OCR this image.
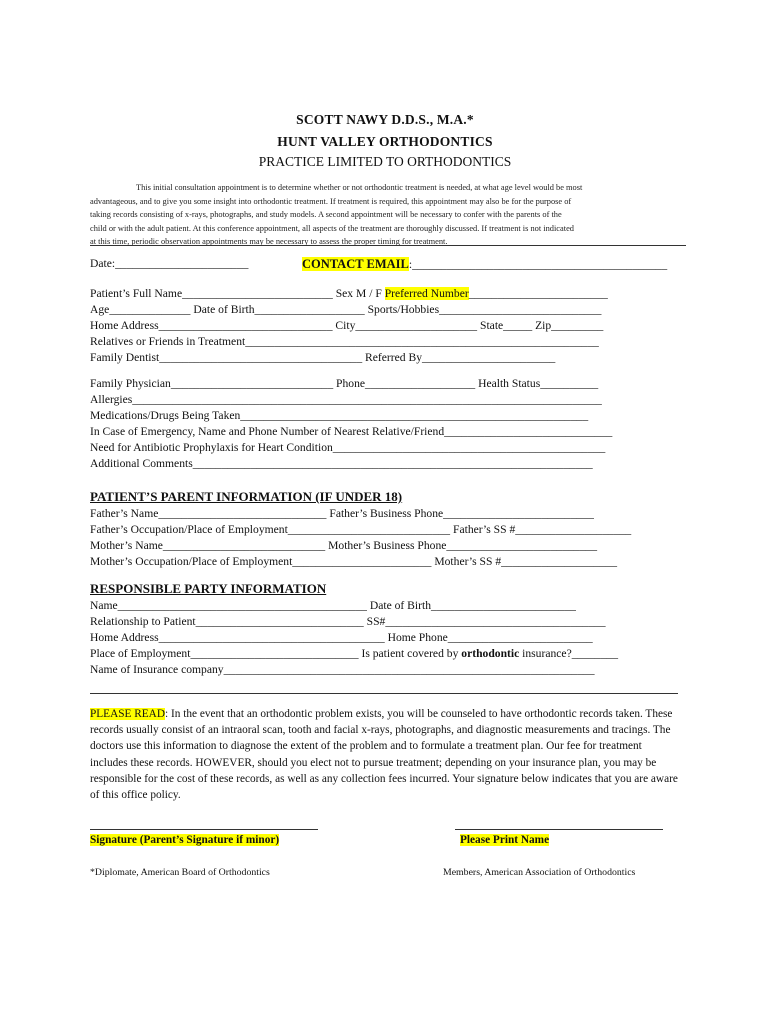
SCOTT NAWY D.D.S., M.A.*
HUNT VALLEY ORTHODONTICS
PRACTICE LIMITED TO ORTHODONTICS
This initial consultation appointment is to determine whether or not orthodontic treatment is needed, at what age level would be most
advantageous, and to give you some insight into orthodontic treatment. If treatment is required, this appointment may also be for the purpose of
taking records consisting of x-rays, photographs, and study models. A second appointment will be necessary to confer with the parents of the
child or with the adult patient. At this conference appointment, all aspects of the treatment are thoroughly discussed. If treatment is not indicated
at this time, periodic observation appointments may be necessary to assess the proper timing for treatment.
Date:_______________________	CONTACT EMAIL:____________________________________________
Patient’s Full Name__________________________ Sex M / F Preferred Number________________________
Age______________ Date of Birth___________________ Sports/Hobbies____________________________
Home Address______________________________ City_____________________ State_____ Zip_________
Relatives or Friends in Treatment_____________________________________________________________
Family Dentist___________________________________ Referred By_______________________
Family Physician____________________________ Phone___________________ Health Status__________
Allergies_________________________________________________________________________________
Medications/Drugs Being Taken____________________________________________________________
In Case of Emergency, Name and Phone Number of Nearest Relative/Friend_____________________________
Need for Antibiotic Prophylaxis for Heart Condition_______________________________________________
Additional Comments_____________________________________________________________________
PATIENT’S PARENT INFORMATION (IF UNDER 18)
Father’s Name_____________________________ Father’s Business Phone__________________________
Father’s Occupation/Place of Employment____________________________ Father’s SS #____________________
Mother’s Name____________________________ Mother’s Business Phone__________________________
Mother’s Occupation/Place of Employment________________________ Mother’s SS #____________________
RESPONSIBLE PARTY INFORMATION
Name___________________________________________ Date of Birth_________________________
Relationship to Patient_____________________________ SS#______________________________________
Home Address_______________________________________ Home Phone_________________________
Place of Employment_____________________________ Is patient covered by orthodontic insurance?________
Name of Insurance company________________________________________________________________
PLEASE READ: In the event that an orthodontic problem exists, you will be counseled to have orthodontic records taken. These records usually consist of an intraoral scan, tooth and facial x-rays, photographs, and diagnostic measurements and tracings. The doctors use this information to diagnose the extent of the problem and to formulate a treatment plan. Our fee for treatment includes these records. HOWEVER, should you elect not to pursue treatment; depending on your insurance plan, you may be responsible for the cost of these records, as well as any collection fees incurred. Your signature below indicates that you are aware of this office policy.
Signature (Parent’s Signature if minor)	Please Print Name
*Diplomate, American Board of Orthodontics	Members, American Association of Orthodontics
